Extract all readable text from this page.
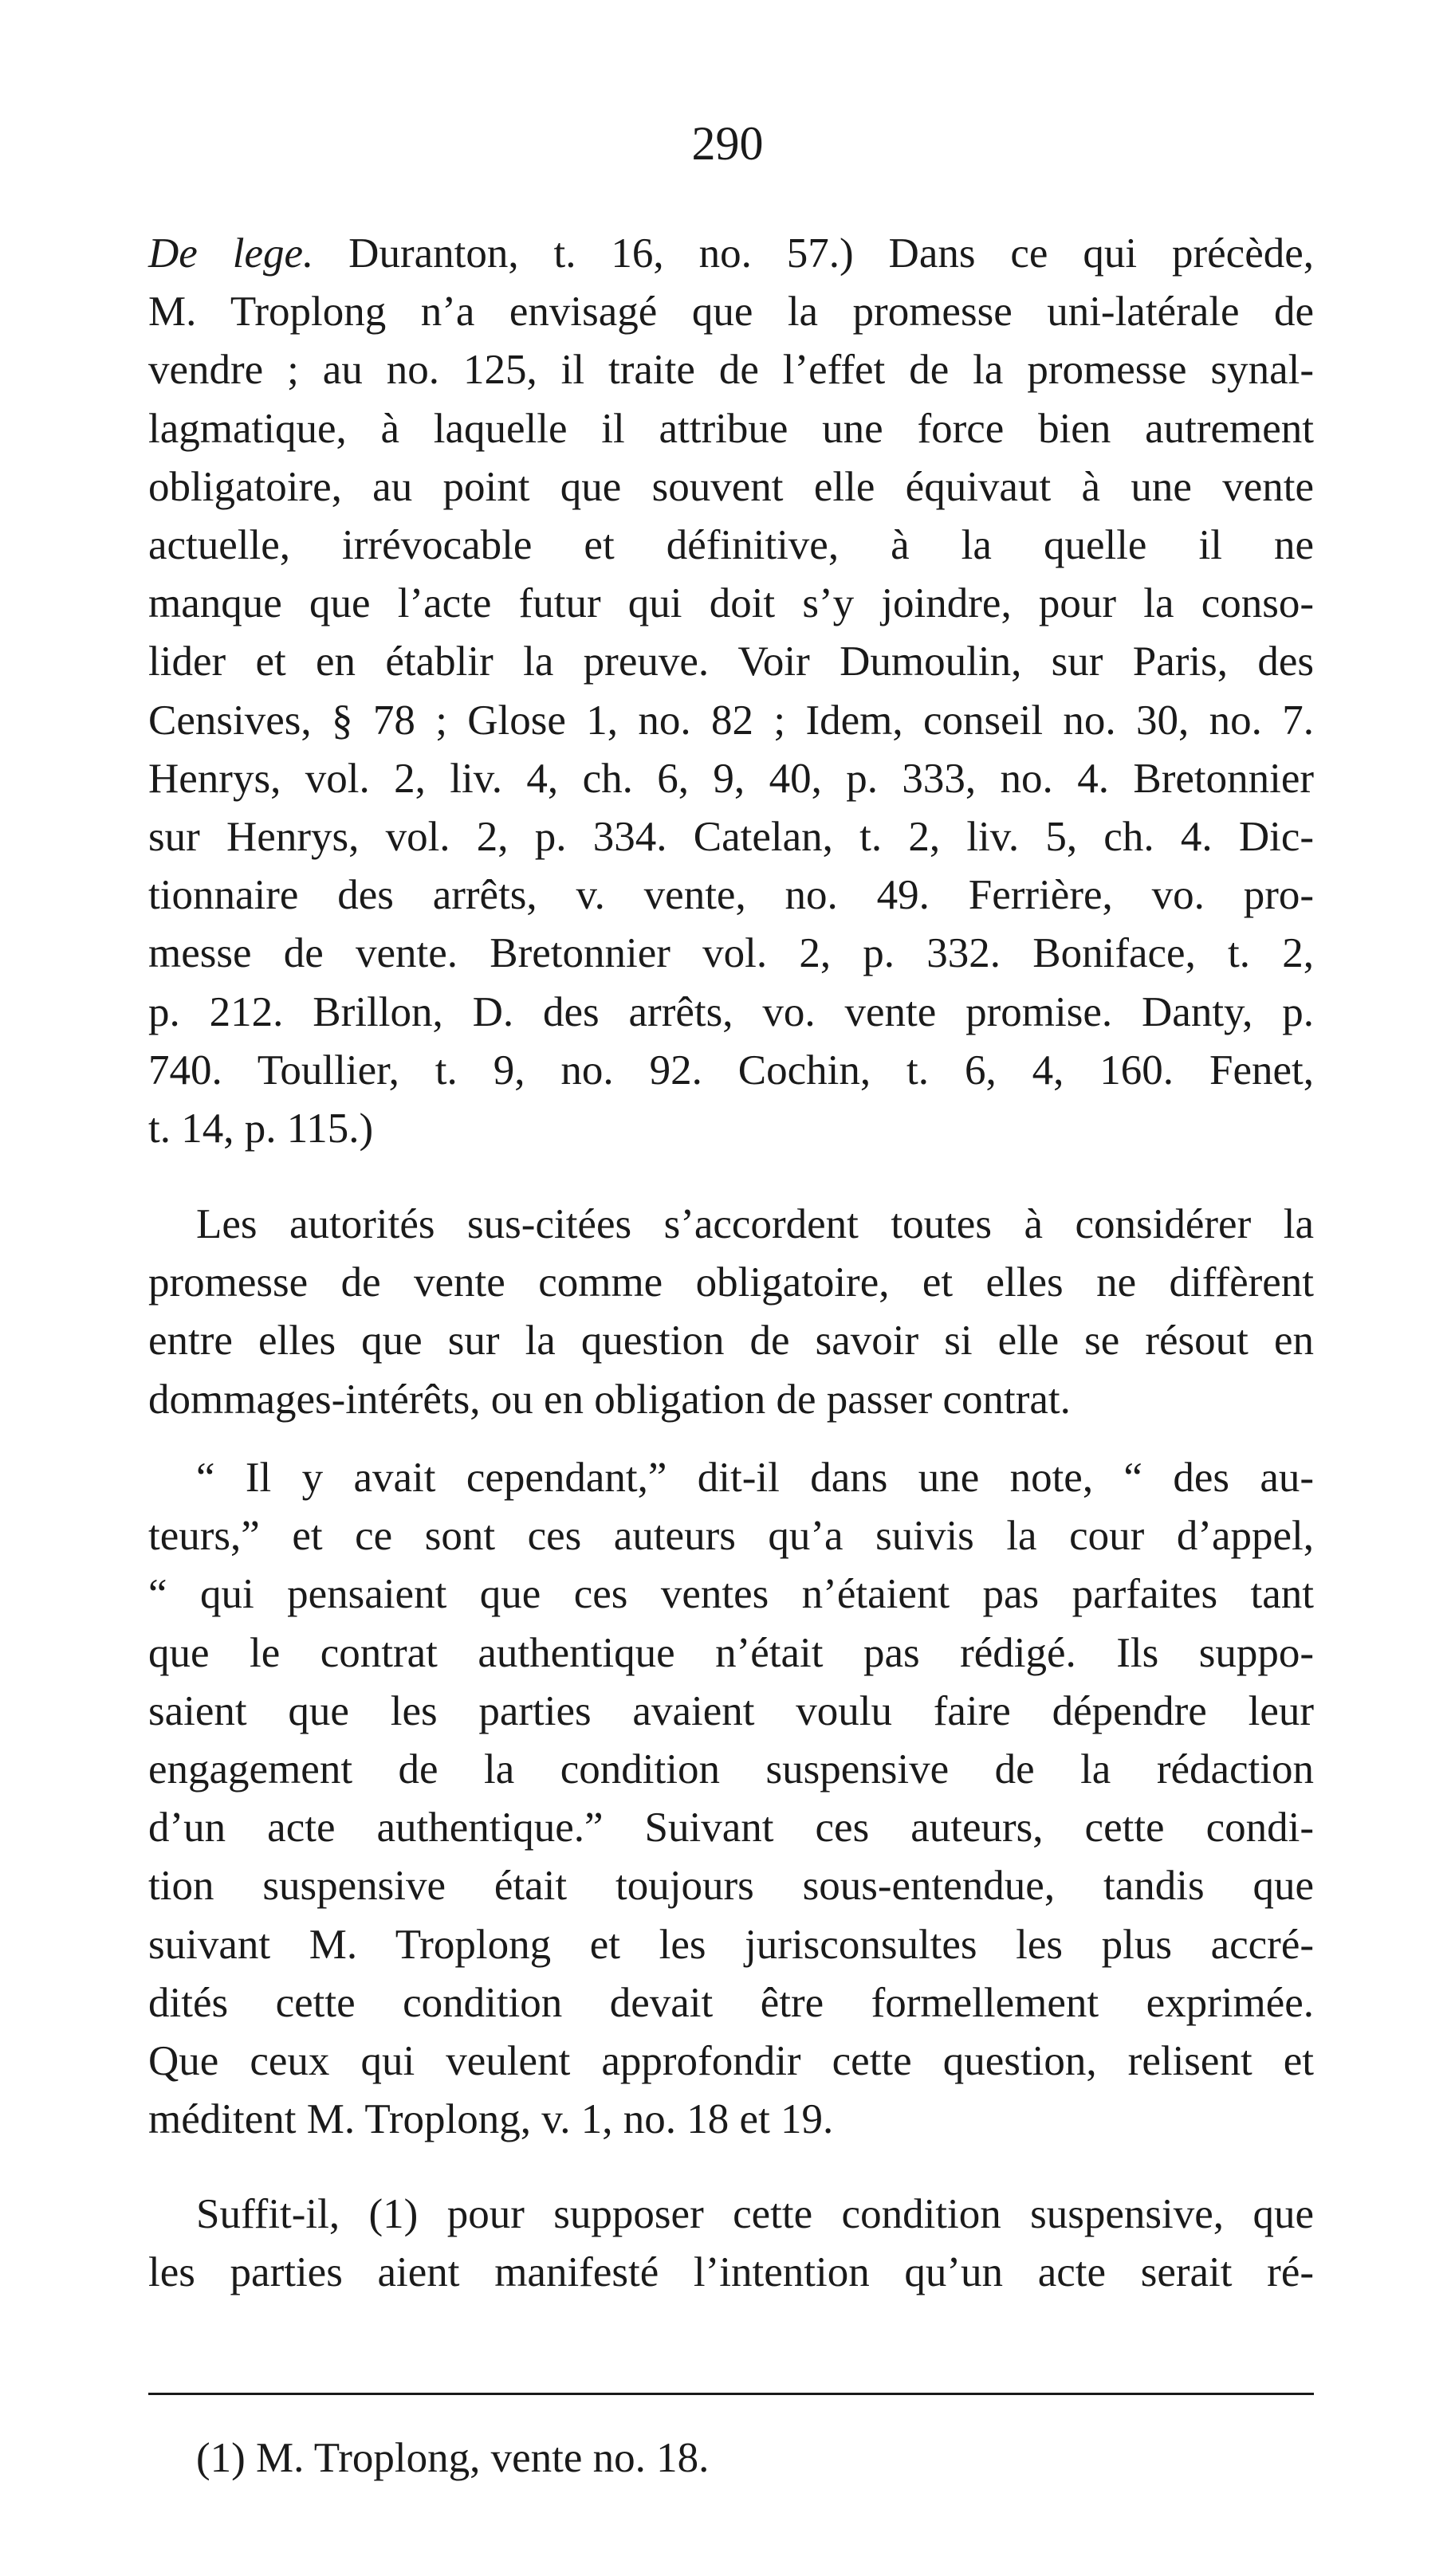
290
De lege. Duranton, t. 16, no. 57.) Dans ce qui précède,
M. Troplong n’a envisagé que la promesse uni-latérale de
vendre ; au no. 125, il traite de l’effet de la promesse synal-
lagmatique, à laquelle il attribue une force bien autrement
obligatoire, au point que souvent elle équivaut à une vente
actuelle, irrévocable et définitive, à la quelle il ne
manque que l’acte futur qui doit s’y joindre, pour la conso-
lider et en établir la preuve. Voir Dumoulin, sur Paris, des
Censives, § 78 ; Glose 1, no. 82 ; Idem, conseil no. 30, no. 7.
Henrys, vol. 2, liv. 4, ch. 6, 9, 40, p. 333, no. 4. Bretonnier
sur Henrys, vol. 2, p. 334. Catelan, t. 2, liv. 5, ch. 4. Dic-
tionnaire des arrêts, v. vente, no. 49. Ferrière, vo. pro-
messe de vente. Bretonnier vol. 2, p. 332. Boniface, t. 2,
p. 212. Brillon, D. des arrêts, vo. vente promise. Danty, p.
740. Toullier, t. 9, no. 92. Cochin, t. 6, 4, 160. Fenet,
t. 14, p. 115.)
Les autorités sus-citées s’accordent toutes à considérer la
promesse de vente comme obligatoire, et elles ne diffèrent
entre elles que sur la question de savoir si elle se résout en
dommages-intérêts, ou en obligation de passer contrat.
“ Il y avait cependant,” dit-il dans une note, “ des au-
teurs,” et ce sont ces auteurs qu’a suivis la cour d’appel,
“ qui pensaient que ces ventes n’étaient pas parfaites tant
que le contrat authentique n’était pas rédigé. Ils suppo-
saient que les parties avaient voulu faire dépendre leur
engagement de la condition suspensive de la rédaction
d’un acte authentique.” Suivant ces auteurs, cette condi-
tion suspensive était toujours sous-entendue, tandis que
suivant M. Troplong et les jurisconsultes les plus accré-
dités cette condition devait être formellement exprimée.
Que ceux qui veulent approfondir cette question, relisent et
méditent M. Troplong, v. 1, no. 18 et 19.
Suffit-il, (1) pour supposer cette condition suspensive, que
les parties aient manifesté l’intention qu’un acte serait ré-
(1) M. Troplong, vente no. 18.
